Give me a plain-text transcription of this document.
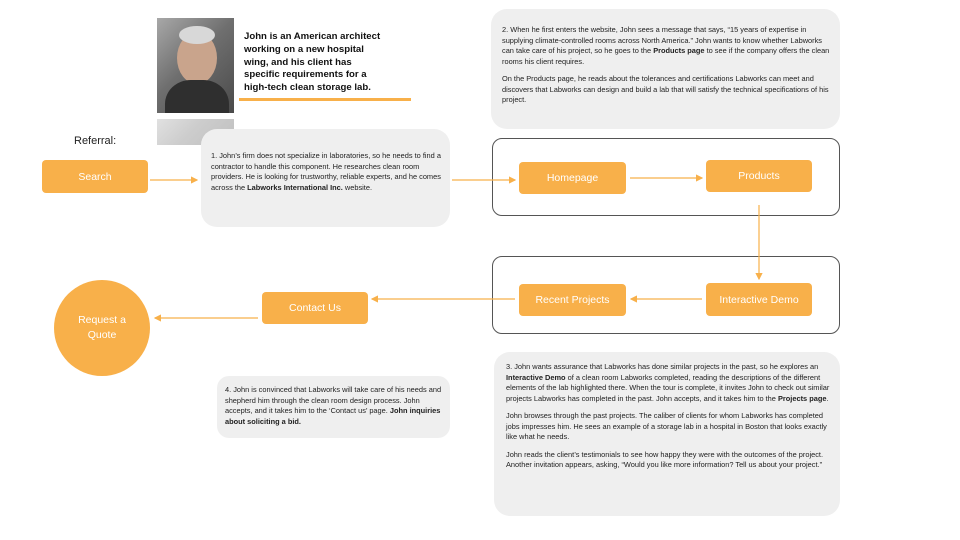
John is an American architect working on a new hospital wing, and his client has specific requirements for a high-tech clean storage lab.
Referral:
1. John’s firm does not specialize in laboratories, so he needs to find a contractor to handle this component. He researches clean room providers. He is looking for trustworthy, reliable experts, and he comes across the Labworks International Inc. website.

2. When he first enters the website, John sees a message that says, “15 years of expertise in supplying climate-controlled rooms across North America.” John wants to know whether Labworks can take care of his project, so he goes to the Products page to see if the company offers the clean rooms his client requires.

On the Products page, he reads about the tolerances and certifications Labworks can meet and discovers that Labworks can design and build a lab that will satisfy the technical specifications of his project.

3. John wants assurance that Labworks has done similar projects in the past, so he explores an Interactive Demo of a clean room Labworks completed, reading the descriptions of the different elements of the lab highlighted there. When the tour is complete, it invites John to check out similar projects Labworks has completed in the past. John accepts, and it takes him to the Projects page.

John browses through the past projects. The caliber of clients for whom Labworks has completed jobs impresses him. He sees an example of a storage lab in a hospital in Boston that looks exactly like what he needs.

John reads the client’s testimonials to see how happy they were with the outcomes of the project. Another invitation appears, asking, “Would you like more information? Tell us about your project.”

4. John is convinced that Labworks will take care of his needs and shepherd him through the clean room design process. John accepts, and it takes him to the ‘Contact us’ page. John inquiries about soliciting a bid.
Search	Homepage	Products
Interactive Demo
Recent Projects
Contact Us
Request a Quote
